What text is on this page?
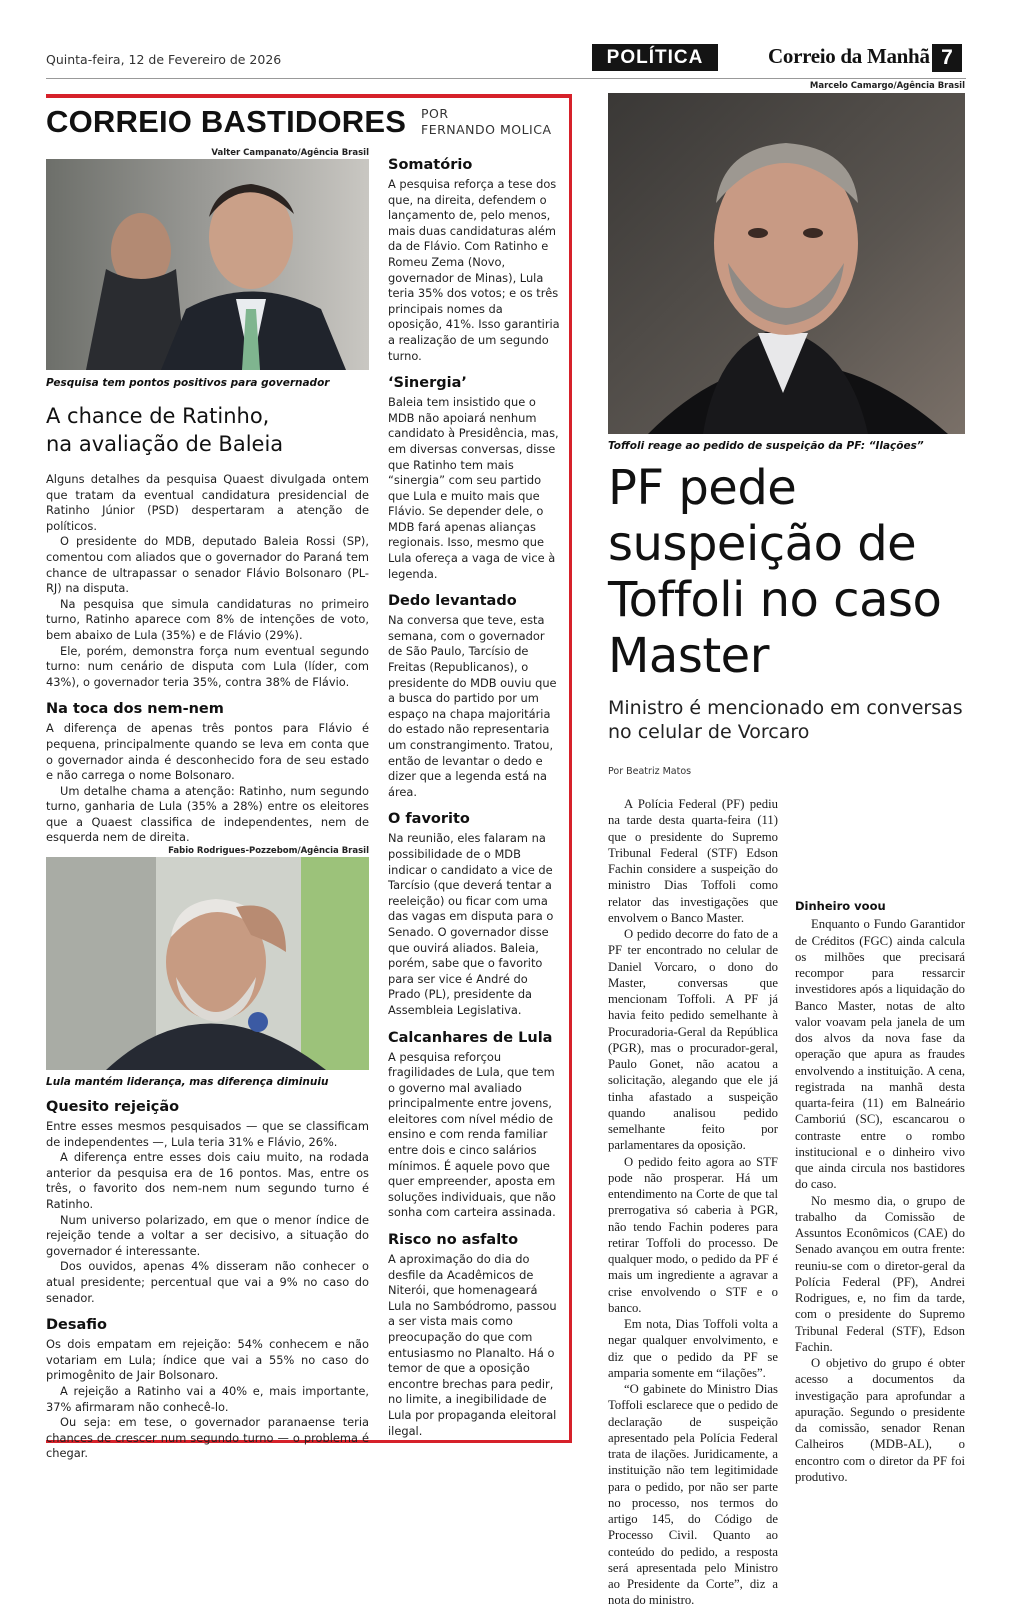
Quinta-feira, 12 de Fevereiro de 2026	POLÍTICA	Correio da Manhã 7
CORREIO BASTIDORES POR
FERNANDO MOLICA
Valter Campanato/Agência Brasil
Pesquisa tem pontos positivos para governador
A chance de Ratinho,
na avaliação de Baleia

Alguns detalhes da pesquisa Quaest divulgada ontem que tratam da eventual candidatura presidencial de Ratinho Júnior (PSD) despertaram a atenção de políticos.

O presidente do MDB, deputado Baleia Rossi (SP), comentou com aliados que o governador do Paraná tem chance de ultrapassar o senador Flávio Bolsonaro (PL-RJ) na disputa.

Na pesquisa que simula candidaturas no primeiro turno, Ratinho aparece com 8% de intenções de voto, bem abaixo de Lula (35%) e de Flávio (29%).

Ele, porém, demonstra força num eventual segundo turno: num cenário de disputa com Lula (líder, com 43%), o governador teria 35%, contra 38% de Flávio.

Na toca dos nem-nem

A diferença de apenas três pontos para Flávio é pequena, principalmente quando se leva em conta que o governador ainda é desconhecido fora de seu estado e não carrega o nome Bolsonaro.

Um detalhe chama a atenção: Ratinho, num segundo turno, ganharia de Lula (35% a 28%) entre os eleitores que a Quaest classifica de independentes, nem de esquerda nem de direita.

Fabio Rodrigues-Pozzebom/Agência Brasil
Lula mantém liderança, mas diferença diminuiu
Quesito rejeição

Entre esses mesmos pesquisados — que se classificam de independentes —, Lula teria 31% e Flávio, 26%.

A diferença entre esses dois caiu muito, na rodada anterior da pesquisa era de 16 pontos. Mas, entre os três, o favorito dos nem-nem num segundo turno é Ratinho.

Num universo polarizado, em que o menor índice de rejeição tende a voltar a ser decisivo, a situação do governador é interessante.

Dos ouvidos, apenas 4% disseram não conhecer o atual presidente; percentual que vai a 9% no caso do senador.

Desafio

Os dois empatam em rejeição: 54% conhecem e não votariam em Lula; índice que vai a 55% no caso do primogênito de Jair Bolsonaro.

A rejeição a Ratinho vai a 40% e, mais importante, 37% afirmaram não conhecê-lo.

Ou seja: em tese, o governador paranaense teria chances de crescer num segundo turno — o problema é chegar.

Somatório

A pesquisa reforça a tese dos que, na direita, defendem o lançamento de, pelo menos, mais duas candidaturas além da de Flávio. Com Ratinho e Romeu Zema (Novo, governador de Minas), Lula teria 35% dos votos; e os três principais nomes da oposição, 41%. Isso garantiria a realização de um segundo turno.

‘Sinergia’

Baleia tem insistido que o MDB não apoiará nenhum candidato à Presidência, mas, em diversas conversas, disse que Ratinho tem mais “sinergia” com seu partido que Lula e muito mais que Flávio. Se depender dele, o MDB fará apenas alianças regionais. Isso, mesmo que Lula ofereça a vaga de vice à legenda.

Dedo levantado

Na conversa que teve, esta semana, com o governador de São Paulo, Tarcísio de Freitas (Republicanos), o presidente do MDB ouviu que a busca do partido por um espaço na chapa majoritária do estado não representaria um constrangimento. Tratou, então de levantar o dedo e dizer que a legenda está na área.

O favorito

Na reunião, eles falaram na possibilidade de o MDB indicar o candidato a vice de Tarcísio (que deverá tentar a reeleição) ou ficar com uma das vagas em disputa para o Senado. O governador disse que ouvirá aliados. Baleia, porém, sabe que o favorito para ser vice é André do Prado (PL), presidente da Assembleia Legislativa.

Calcanhares de Lula

A pesquisa reforçou fragilidades de Lula, que tem o governo mal avaliado principalmente entre jovens, eleitores com nível médio de ensino e com renda familiar entre dois e cinco salários mínimos. É aquele povo que quer empreender, aposta em soluções individuais, que não sonha com carteira assinada.

Risco no asfalto

A aproximação do dia do desfile da Acadêmicos de Niterói, que homenageará Lula no Sambódromo, passou a ser vista mais como preocupação do que com entusiasmo no Planalto. Há o temor de que a oposição encontre brechas para pedir, no limite, a inegibilidade de Lula por propaganda eleitoral ilegal.

Marcelo Camargo/Agência Brasil
Toffoli reage ao pedido de suspeição da PF: “Ilações”
PF pede suspeição de Toffoli no caso Master
Ministro é mencionado em conversas no celular de Vorcaro
Por Beatriz Matos

A Polícia Federal (PF) pediu na tarde desta quarta-feira (11) que o presidente do Supremo Tribunal Federal (STF) Edson Fachin considere a suspeição do ministro Dias Toffoli como relator das investigações que envolvem o Banco Master.

O pedido decorre do fato de a PF ter encontrado no celular de Daniel Vorcaro, o dono do Master, conversas que mencionam Toffoli. A PF já havia feito pedido semelhante à Procuradoria-Geral da República (PGR), mas o procurador-geral, Paulo Gonet, não acatou a solicitação, alegando que ele já tinha afastado a suspeição quando analisou pedido semelhante feito por parlamentares da oposição.

O pedido feito agora ao STF pode não prosperar. Há um entendimento na Corte de que tal prerrogativa só caberia à PGR, não tendo Fachin poderes para retirar Toffoli do processo. De qualquer modo, o pedido da PF é mais um ingrediente a agravar a crise envolvendo o STF e o banco.

Em nota, Dias Toffoli volta a negar qualquer envolvimento, e diz que o pedido da PF se amparia somente em “ilações”.

“O gabinete do Ministro Dias Toffoli esclarece que o pedido de declaração de suspeição apresentado pela Polícia Federal trata de ilações. Juridicamente, a instituição não tem legitimidade para o pedido, por não ser parte no processo, nos termos do artigo 145, do Código de Processo Civil. Quanto ao conteúdo do pedido, a resposta será apresentada pelo Ministro ao Presidente da Corte”, diz a nota do ministro.

Dinheiro voou

Enquanto o Fundo Garantidor de Créditos (FGC) ainda calcula os milhões que precisará recompor para ressarcir investidores após a liquidação do Banco Master, notas de alto valor voavam pela janela de um dos alvos da nova fase da operação que apura as fraudes envolvendo a instituição. A cena, registrada na manhã desta quarta-feira (11) em Balneário Camboriú (SC), escancarou o contraste entre o rombo institucional e o dinheiro vivo que ainda circula nos bastidores do caso.

No mesmo dia, o grupo de trabalho da Comissão de Assuntos Econômicos (CAE) do Senado avançou em outra frente: reuniu-se com o diretor-geral da Polícia Federal (PF), Andrei Rodrigues, e, no fim da tarde, com o presidente do Supremo Tribunal Federal (STF), Edson Fachin.

O objetivo do grupo é obter acesso a documentos da investigação para aprofundar a apuração. Segundo o presidente da comissão, senador Renan Calheiros (MDB-AL), o encontro com o diretor da PF foi produtivo.
